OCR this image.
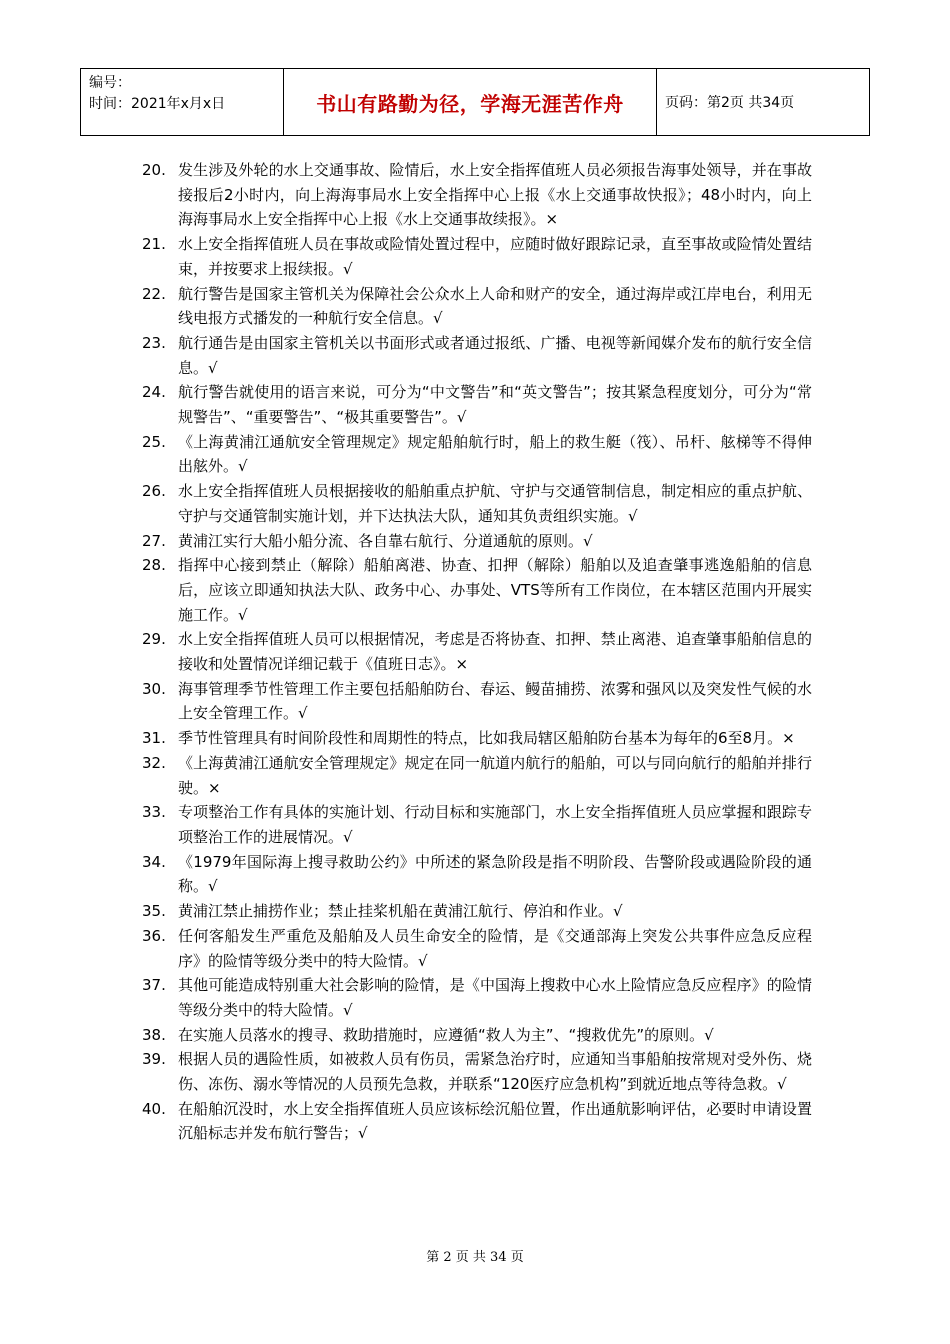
编号：
时间：2021年x月x日	书山有路勤为径，学海无涯苦作舟	页码：第2页 共34页
20. 发生涉及外轮的水上交通事故、险情后，水上安全指挥值班人员必须报告海事处领导，并在事故接报后2小时内，向上海海事局水上安全指挥中心上报《水上交通事故快报》；48小时内，向上海海事局水上安全指挥中心上报《水上交通事故续报》。×
21. 水上安全指挥值班人员在事故或险情处置过程中，应随时做好跟踪记录，直至事故或险情处置结束，并按要求上报续报。√
22. 航行警告是国家主管机关为保障社会公众水上人命和财产的安全，通过海岸或江岸电台，利用无线电报方式播发的一种航行安全信息。√
23. 航行通告是由国家主管机关以书面形式或者通过报纸、广播、电视等新闻媒介发布的航行安全信息。√
24. 航行警告就使用的语言来说，可分为“中文警告”和“英文警告”；按其紧急程度划分，可分为“常规警告”、“重要警告”、“极其重要警告”。√
25. 《上海黄浦江通航安全管理规定》规定船舶航行时，船上的救生艇（筏）、吊杆、舷梯等不得伸出舷外。√
26. 水上安全指挥值班人员根据接收的船舶重点护航、守护与交通管制信息，制定相应的重点护航、守护与交通管制实施计划，并下达执法大队，通知其负责组织实施。√
27. 黄浦江实行大船小船分流、各自靠右航行、分道通航的原则。√
28. 指挥中心接到禁止（解除）船舶离港、协查、扣押（解除）船舶以及追查肇事逃逸船舶的信息后，应该立即通知执法大队、政务中心、办事处、VTS等所有工作岗位，在本辖区范围内开展实施工作。√
29. 水上安全指挥值班人员可以根据情况，考虑是否将协查、扣押、禁止离港、追查肇事船舶信息的接收和处置情况详细记载于《值班日志》。×
30. 海事管理季节性管理工作主要包括船舶防台、春运、鳗苗捕捞、浓雾和强风以及突发性气候的水上安全管理工作。√
31. 季节性管理具有时间阶段性和周期性的特点，比如我局辖区船舶防台基本为每年的6至8月。×
32. 《上海黄浦江通航安全管理规定》规定在同一航道内航行的船舶，可以与同向航行的船舶并排行驶。×
33. 专项整治工作有具体的实施计划、行动目标和实施部门，水上安全指挥值班人员应掌握和跟踪专项整治工作的进展情况。√
34. 《1979年国际海上搜寻救助公约》中所述的紧急阶段是指不明阶段、告警阶段或遇险阶段的通称。√
35. 黄浦江禁止捕捞作业；禁止挂桨机船在黄浦江航行、停泊和作业。√
36. 任何客船发生严重危及船舶及人员生命安全的险情，是《交通部海上突发公共事件应急反应程序》的险情等级分类中的特大险情。√
37. 其他可能造成特别重大社会影响的险情，是《中国海上搜救中心水上险情应急反应程序》的险情等级分类中的特大险情。√
38. 在实施人员落水的搜寻、救助措施时，应遵循“救人为主”、“搜救优先”的原则。√
39. 根据人员的遇险性质，如被救人员有伤员，需紧急治疗时，应通知当事船舶按常规对受外伤、烧伤、冻伤、溺水等情况的人员预先急救，并联系“120医疗应急机构”到就近地点等待急救。√
40. 在船舶沉没时，水上安全指挥值班人员应该标绘沉船位置，作出通航影响评估，必要时申请设置沉船标志并发布航行警告；√
第 2 页 共 34 页
